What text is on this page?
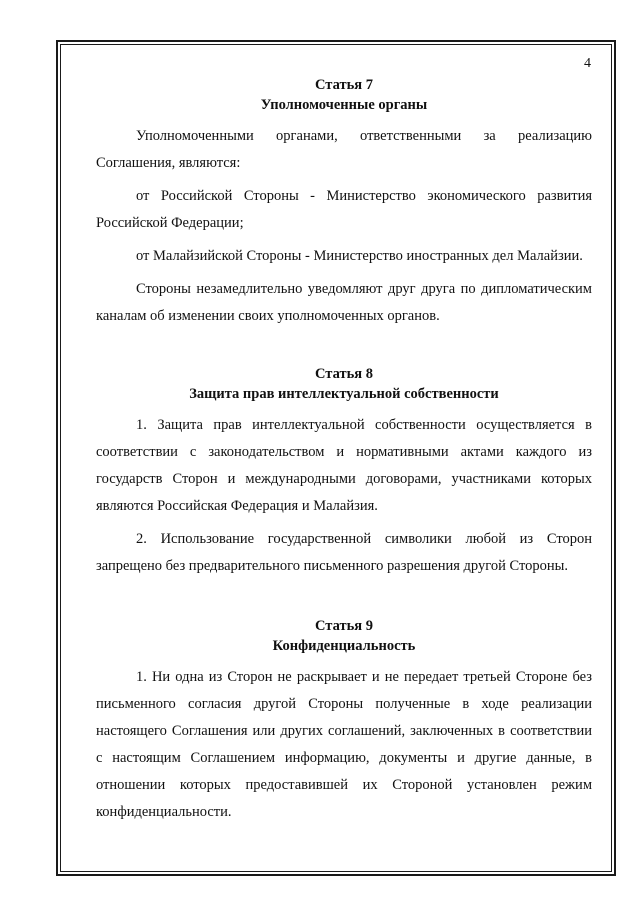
4

Статья 7

Уполномоченные органы

Уполномоченными органами, ответственными за реализацию Соглашения, являются:

от Российской Стороны - Министерство экономического развития Российской Федерации;

от Малайзийской Стороны - Министерство иностранных дел Малайзии.

Стороны незамедлительно уведомляют друг друга по дипломатическим каналам об изменении своих уполномоченных органов.

Статья 8

Защита прав интеллектуальной собственности

1. Защита прав интеллектуальной собственности осуществляется в соответствии с законодательством и нормативными актами каждого из государств Сторон и международными договорами, участниками которых являются Российская Федерация и Малайзия.

2. Использование государственной символики любой из Сторон запрещено без предварительного письменного разрешения другой Стороны.

Статья 9

Конфиденциальность

1. Ни одна из Сторон не раскрывает и не передает третьей Стороне без письменного согласия другой Стороны полученные в ходе реализации настоящего Соглашения или других соглашений, заключенных в соответствии с настоящим Соглашением информацию, документы и другие данные, в отношении которых предоставившей их Стороной установлен режим конфиденциальности.
